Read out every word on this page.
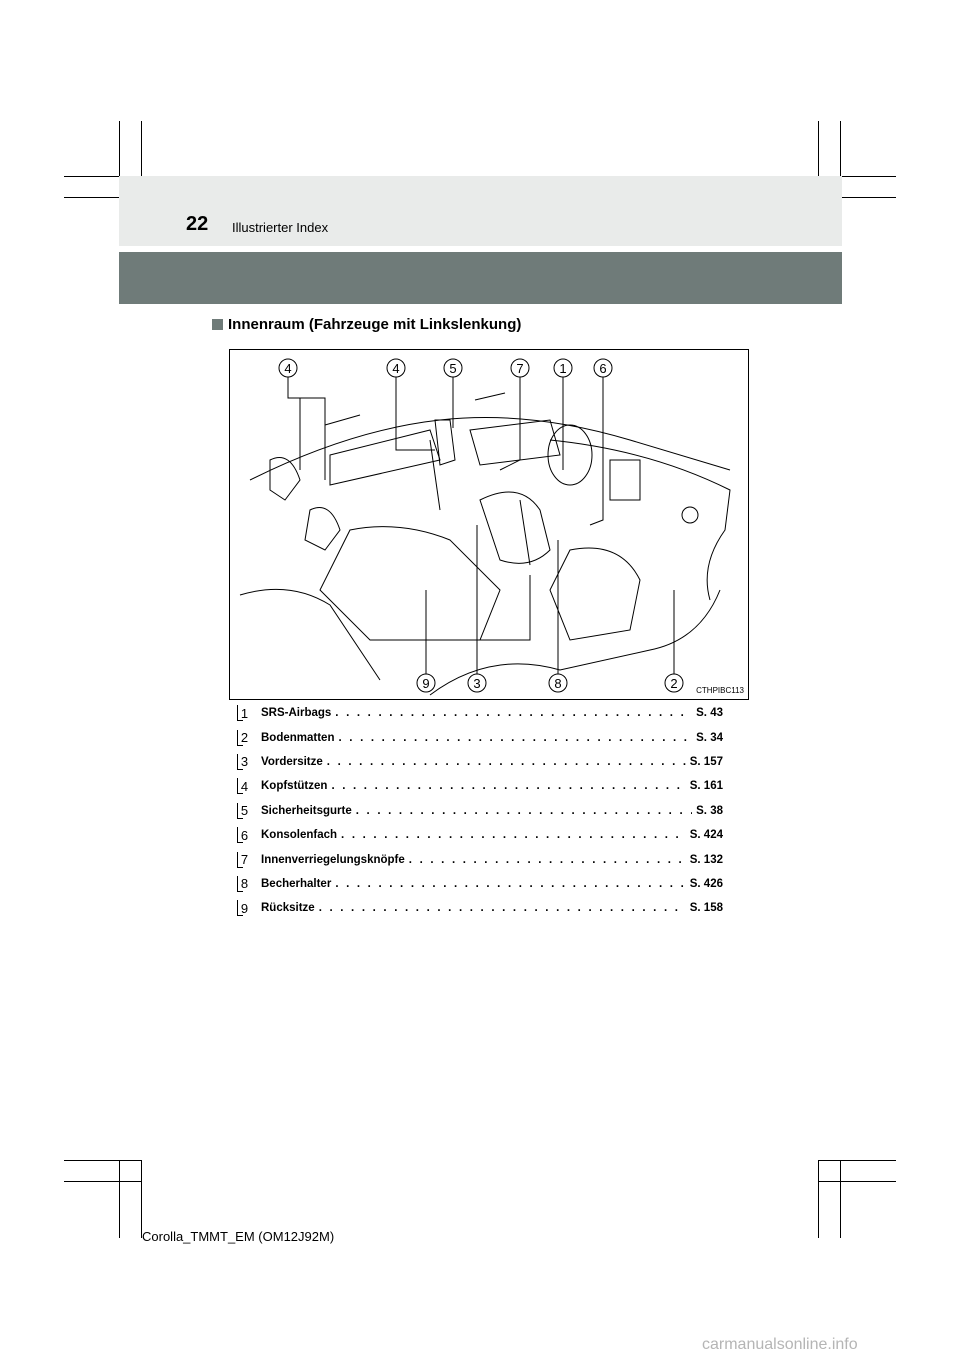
22 Illustrierter Index
Innenraum (Fahrzeuge mit Linkslenkung)
4	4	5	7	1	6
9	3	8	2 CTHPIBC113
1	SRS-Airbags . . .	S. 43
2	Bodenmatten . . .	S. 34
3	Vordersitze . . .	S. 157
4	Kopfstützen . . .	S. 161
5	Sicherheitsgurte . . .	S. 38
6	Konsolenfach . . .	S. 424
7	Innenverriegelungsknöpfe . . .	S. 132
8	Becherhalter . . .	S. 426
9	Rücksitze . . .	S. 158
Corolla_TMMT_EM (OM12J92M)
carmanualsonline.info
